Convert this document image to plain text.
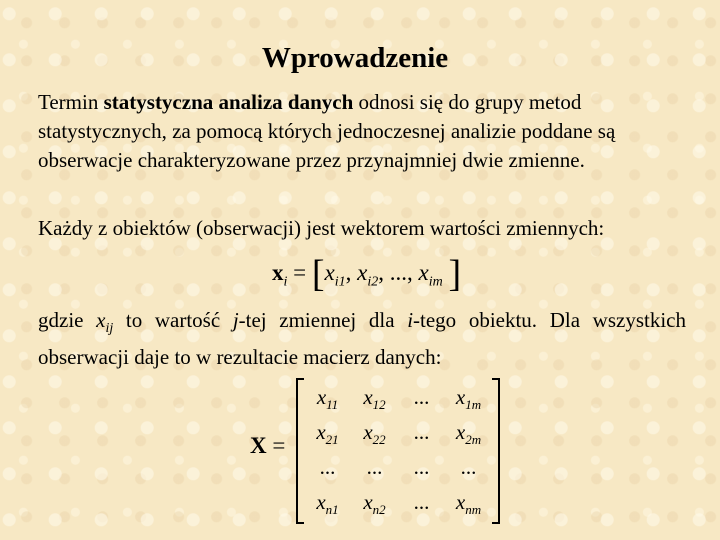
Wprowadzenie
Termin statystyczna analiza danych odnosi się do grupy metod statystycznych, za pomocą których jednoczesnej analizie poddane są obserwacje charakteryzowane przez przynajmniej dwie zmienne.
Każdy z obiektów (obserwacji) jest wektorem wartości zmiennych:
$x_i = [x_{i1}$, $x_{i2}$, ..., $x_{im}$ ]
gdzie $x_{ij}$ to wartość j-tej zmiennej dla i-tego obiektu. Dla wszystkich obserwacji daje to w rezultacie macierz danych:
X =
$x_{11}$	$x_{12}$	...	$x_{1m}$
$x_{21}$	$x_{22}$	...	$x_{2m}$
...	...	...	...
$x_{n1}$	$x_{n2}$	...	$x_{nm}$
